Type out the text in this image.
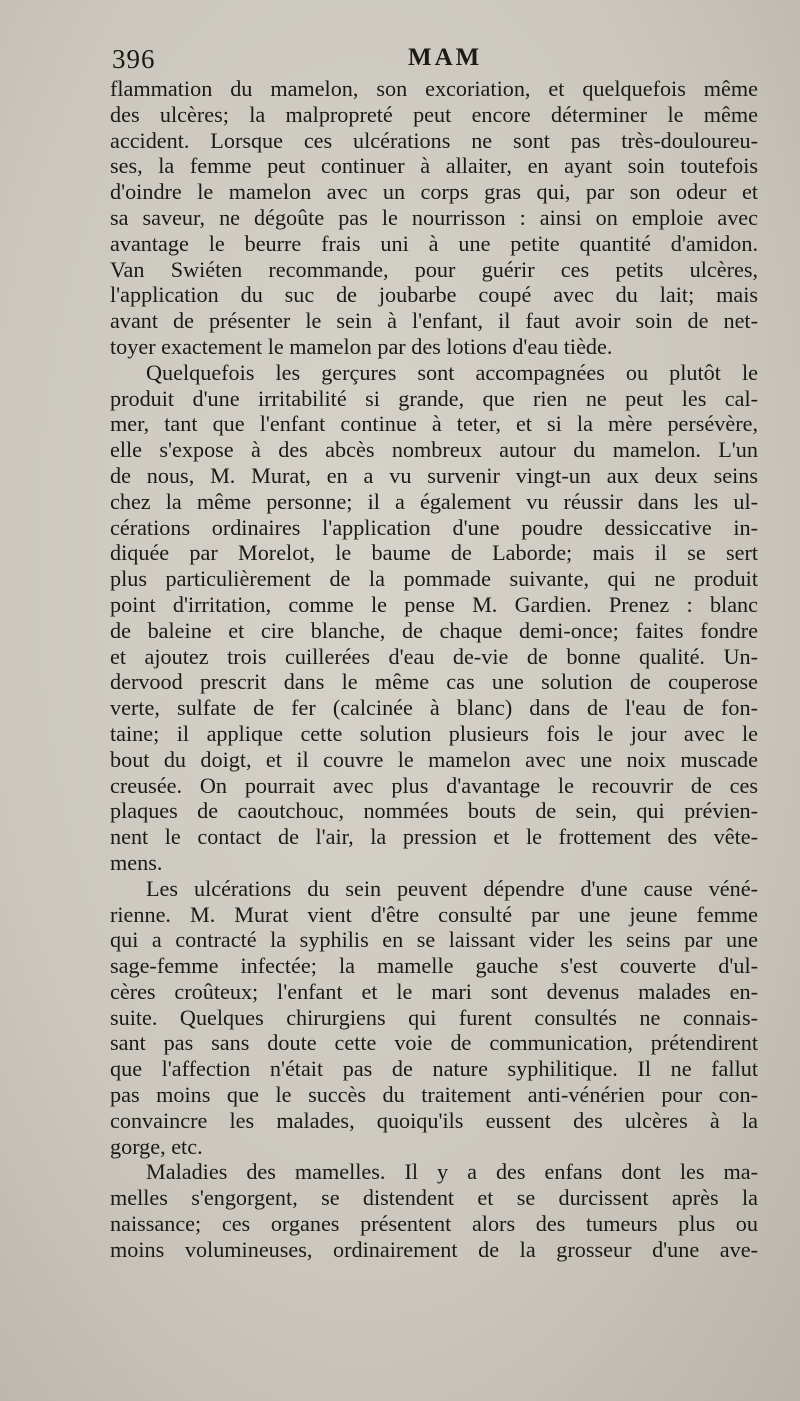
396	MAM
flammation du mamelon, son excoriation, et quelquefois même
des ulcères; la malpropreté peut encore déterminer le même
accident. Lorsque ces ulcérations ne sont pas très-douloureu-
ses, la femme peut continuer à allaiter, en ayant soin toutefois
d'oindre le mamelon avec un corps gras qui, par son odeur et
sa saveur, ne dégoûte pas le nourrisson : ainsi on emploie avec
avantage le beurre frais uni à une petite quantité d'amidon.
Van Swiéten recommande, pour guérir ces petits ulcères,
l'application du suc de joubarbe coupé avec du lait; mais
avant de présenter le sein à l'enfant, il faut avoir soin de net-
toyer exactement le mamelon par des lotions d'eau tiède.
Quelquefois les gerçures sont accompagnées ou plutôt le
produit d'une irritabilité si grande, que rien ne peut les cal-
mer, tant que l'enfant continue à teter, et si la mère persévère,
elle s'expose à des abcès nombreux autour du mamelon. L'un
de nous, M. Murat, en a vu survenir vingt-un aux deux seins
chez la même personne; il a également vu réussir dans les ul-
cérations ordinaires l'application d'une poudre dessiccative in-
diquée par Morelot, le baume de Laborde; mais il se sert
plus particulièrement de la pommade suivante, qui ne produit
point d'irritation, comme le pense M. Gardien. Prenez : blanc
de baleine et cire blanche, de chaque demi-once; faites fondre
et ajoutez trois cuillerées d'eau de-vie de bonne qualité. Un-
dervood prescrit dans le même cas une solution de couperose
verte, sulfate de fer (calcinée à blanc) dans de l'eau de fon-
taine; il applique cette solution plusieurs fois le jour avec le
bout du doigt, et il couvre le mamelon avec une noix muscade
creusée. On pourrait avec plus d'avantage le recouvrir de ces
plaques de caoutchouc, nommées bouts de sein, qui prévien-
nent le contact de l'air, la pression et le frottement des vête-
mens.
Les ulcérations du sein peuvent dépendre d'une cause véné-
rienne. M. Murat vient d'être consulté par une jeune femme
qui a contracté la syphilis en se laissant vider les seins par une
sage-femme infectée; la mamelle gauche s'est couverte d'ul-
cères croûteux; l'enfant et le mari sont devenus malades en-
suite. Quelques chirurgiens qui furent consultés ne connais-
sant pas sans doute cette voie de communication, prétendirent
que l'affection n'était pas de nature syphilitique. Il ne fallut
pas moins que le succès du traitement anti-vénérien pour con-
convaincre les malades, quoiqu'ils eussent des ulcères à la
gorge, etc.
Maladies des mamelles. Il y a des enfans dont les ma-
melles s'engorgent, se distendent et se durcissent après la
naissance; ces organes présentent alors des tumeurs plus ou
moins volumineuses, ordinairement de la grosseur d'une ave-
